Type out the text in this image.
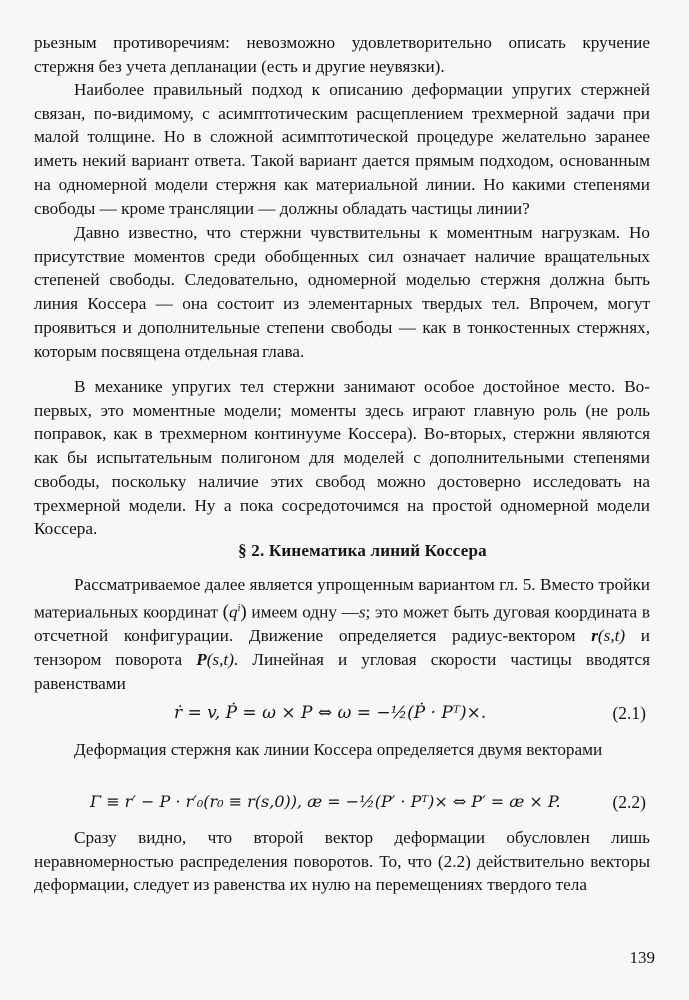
рьезным противоречиям: невозможно удовлетворительно описать кручение стержня без учета депланации (есть и другие неувязки).

Наиболее правильный подход к описанию деформации упругих стержней связан, по-видимому, с асимптотическим расщеплением трехмерной задачи при малой толщине. Но в сложной асимптотической процедуре желательно заранее иметь некий вариант ответа. Такой вариант дается прямым подходом, основанным на одномерной модели стержня как материальной линии. Но какими степенями свободы — кроме трансляции — должны обладать частицы линии?

Давно известно, что стержни чувствительны к моментным нагрузкам. Но присутствие моментов среди обобщенных сил означает наличие вращательных степеней свободы. Следовательно, одномерной моделью стержня должна быть линия Коссера — она состоит из элементарных твердых тел. Впрочем, могут проявиться и дополнительные степени свободы — как в тонкостенных стержнях, которым посвящена отдельная глава.

В механике упругих тел стержни занимают особое достойное место. Во-первых, это моментные модели; моменты здесь играют главную роль (не роль поправок, как в трехмерном континууме Коссера). Во-вторых, стержни являются как бы испытательным полигоном для моделей с дополнительными степенями свободы, поскольку наличие этих свобод можно достоверно исследовать на трехмерной модели. Ну а пока сосредоточимся на простой одномерной модели Коссера.

§ 2. Кинематика линий Коссера

Рассматриваемое далее является упрощенным вариантом гл. 5. Вместо тройки материальных координат $(q^i)$ имеем одну —s; это может быть дуговая координата в отсчетной конфигурации. Движение определяется радиус-вектором r(s,t) и тензором поворота P(s,t). Линейная и угловая скорости частицы вводятся равенствами

ṙ = v, Ṗ = ω × P ⇔ ω = −½(Ṗ · Pᵀ)×.	(2.1)

Деформация стержня как линии Коссера определяется двумя векторами

Γ ≡ r′ − P · r′₀(r₀ ≡ r(s,0)), æ = −½(P′ · Pᵀ)× ⇔ P′ = æ × P.	(2.2)

Сразу видно, что второй вектор деформации обусловлен лишь неравномерностью распределения поворотов. То, что (2.2) действительно векторы деформации, следует из равенства их нулю на перемещениях твердого тела

139
